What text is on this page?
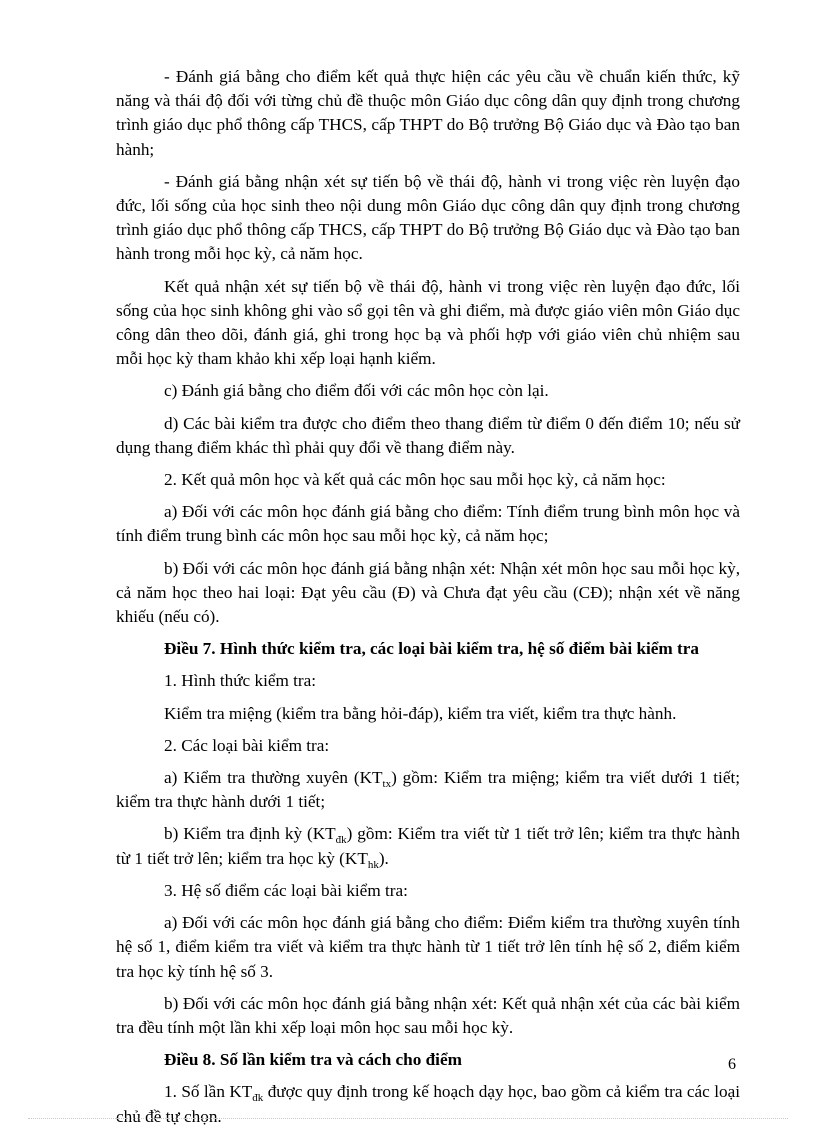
- Đánh giá bằng cho điểm kết quả thực hiện các yêu cầu về chuẩn kiến thức, kỹ năng và thái độ đối với từng chủ đề thuộc môn Giáo dục công dân quy định trong chương trình giáo dục phổ thông cấp THCS, cấp THPT do Bộ trưởng Bộ Giáo dục và Đào tạo ban hành;

- Đánh giá bằng nhận xét sự tiến bộ về thái độ, hành vi trong việc rèn luyện đạo đức, lối sống của học sinh theo nội dung môn Giáo dục công dân quy định trong chương trình giáo dục phổ thông cấp THCS, cấp THPT do Bộ trưởng Bộ Giáo dục và Đào tạo ban hành trong mỗi học kỳ, cả năm học.

Kết quả nhận xét sự tiến bộ về thái độ, hành vi trong việc rèn luyện đạo đức, lối sống của học sinh không ghi vào sổ gọi tên và ghi điểm, mà được giáo viên môn Giáo dục công dân theo dõi, đánh giá, ghi trong học bạ và phối hợp với giáo viên chủ nhiệm sau mỗi học kỳ tham khảo khi xếp loại hạnh kiểm.

c) Đánh giá bằng cho điểm đối với các môn học còn lại.

d) Các bài kiểm tra được cho điểm theo thang điểm từ điểm 0 đến điểm 10; nếu sử dụng thang điểm khác thì phải quy đổi về thang điểm này.

2. Kết quả môn học và kết quả các môn học sau mỗi học kỳ, cả năm học:

a) Đối với các môn học đánh giá bằng cho điểm: Tính điểm trung bình môn học và tính điểm trung bình các môn học sau mỗi học kỳ, cả năm học;

b) Đối với các môn học đánh giá bằng nhận xét: Nhận xét môn học sau mỗi học kỳ, cả năm học theo hai loại: Đạt yêu cầu (Đ) và Chưa đạt yêu cầu (CĐ); nhận xét về năng khiếu (nếu có).

Điều 7. Hình thức kiểm tra, các loại bài kiểm tra, hệ số điểm bài kiểm tra

1. Hình thức kiểm tra:

Kiểm tra miệng (kiểm tra bằng hỏi-đáp), kiểm tra viết, kiểm tra thực hành.

2. Các loại bài kiểm tra:

a) Kiểm tra thường xuyên $(KT_{tx})$ gồm: Kiểm tra miệng; kiểm tra viết dưới 1 tiết; kiểm tra thực hành dưới 1 tiết;

b) Kiểm tra định kỳ $(KT_{đk})$ gồm: Kiểm tra viết từ 1 tiết trở lên; kiểm tra thực hành từ 1 tiết trở lên; kiểm tra học kỳ $(KT_{hk})$.

3. Hệ số điểm các loại bài kiểm tra:

a) Đối với các môn học đánh giá bằng cho điểm: Điểm kiểm tra thường xuyên tính hệ số 1, điểm kiểm tra viết và kiểm tra thực hành từ 1 tiết trở lên tính hệ số 2, điểm kiểm tra học kỳ tính hệ số 3.

b) Đối với các môn học đánh giá bằng nhận xét: Kết quả nhận xét của các bài kiểm tra đều tính một lần khi xếp loại môn học sau mỗi học kỳ.

Điều 8. Số lần kiểm tra và cách cho điểm

1. Số lần $KT_{đk}$ được quy định trong kế hoạch dạy học, bao gồm cả kiểm tra các loại chủ đề tự chọn.

6
